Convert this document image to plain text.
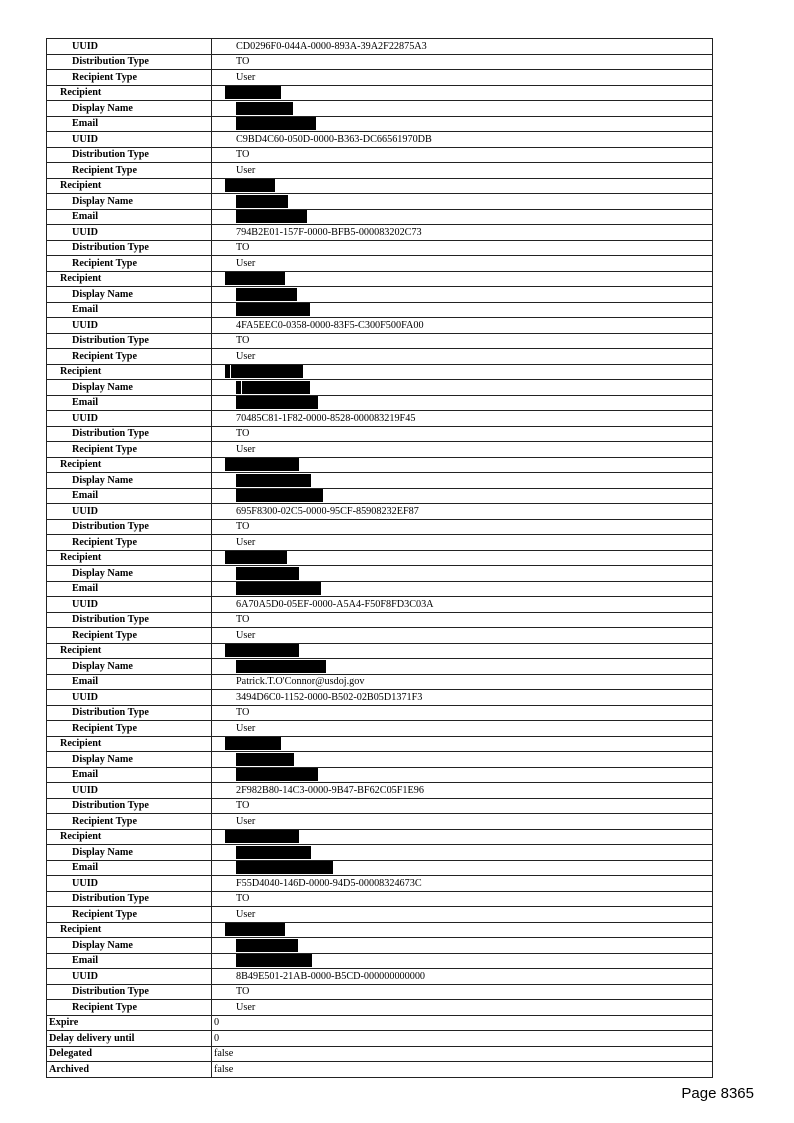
UUID	CD0296F0-044A-0000-893A-39A2F22875A3
Distribution Type	TO
Recipient Type	User
Recipient	
Display Name	
Email	
UUID	C9BD4C60-050D-0000-B363-DC66561970DB
Distribution Type	TO
Recipient Type	User
Recipient	
Display Name	
Email	
UUID	794B2E01-157F-0000-BFB5-000083202C73
Distribution Type	TO
Recipient Type	User
Recipient	
Display Name	
Email	
UUID	4FA5EEC0-0358-0000-83F5-C300F500FA00
Distribution Type	TO
Recipient Type	User
Recipient	
Display Name	
Email	
UUID	70485C81-1F82-0000-8528-000083219F45
Distribution Type	TO
Recipient Type	User
Recipient	
Display Name	
Email	
UUID	695F8300-02C5-0000-95CF-85908232EF87
Distribution Type	TO
Recipient Type	User
Recipient	
Display Name	
Email	
UUID	6A70A5D0-05EF-0000-A5A4-F50F8FD3C03A
Distribution Type	TO
Recipient Type	User
Recipient	
Display Name	
Email	Patrick.T.O'Connor@usdoj.gov
UUID	3494D6C0-1152-0000-B502-02B05D1371F3
Distribution Type	TO
Recipient Type	User
Recipient	
Display Name	
Email	
UUID	2F982B80-14C3-0000-9B47-BF62C05F1E96
Distribution Type	TO
Recipient Type	User
Recipient	
Display Name	
Email	
UUID	F55D4040-146D-0000-94D5-00008324673C
Distribution Type	TO
Recipient Type	User
Recipient	
Display Name	
Email	
UUID	8B49E501-21AB-0000-B5CD-000000000000
Distribution Type	TO
Recipient Type	User
Expire	0
Delay delivery until	0
Delegated	false
Archived	false
Page 8365
